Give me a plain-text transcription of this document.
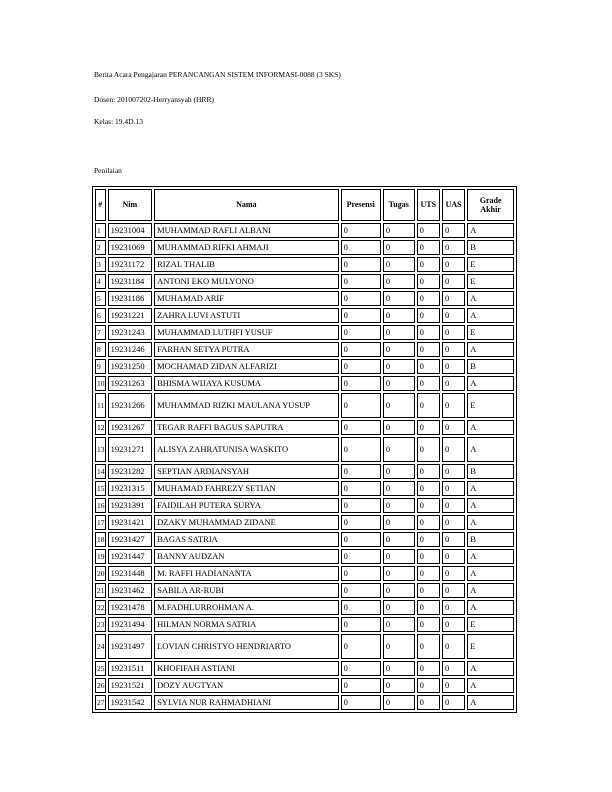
Berita Acara Pengajaran PERANCANGAN SISTEM INFORMASI-0088 (3 SKS)
Dosen: 201007202-Herryansyah (HRR)
Kelas: 19.4D.13
Penilaian
#	Nim	Nama	Presensi	Tugas	UTS	UAS	Grade Akhir
1	19231004	MUHAMMAD RAFLI ALBANI	0	0	0	0	A
2	19231069	MUHAMMAD RIFKI AHMAJI	0	0	0	0	B
3	19231172	RIZAL THALIB	0	0	0	0	E
4	19231184	ANTONI EKO MULYONO	0	0	0	0	E
5	19231186	MUHAMAD ARIF	0	0	0	0	A
6	19231221	ZAHRA LUVI ASTUTI	0	0	0	0	A
7	19231243	MUHAMMAD LUTHFI YUSUF	0	0	0	0	E
8	19231246	FARHAN SETYA PUTRA	0	0	0	0	A
9	19231250	MOCHAMAD ZIDAN ALFARIZI	0	0	0	0	B
10	19231263	BHISMA WIJAYA KUSUMA	0	0	0	0	A
11	19231266	MUHAMMAD RIZKI MAULANA YUSUP	0	0	0	0	E
12	19231267	TEGAR RAFFI BAGUS SAPUTRA	0	0	0	0	A
13	19231271	ALISYA ZAHRATUNISA WASKITO	0	0	0	0	A
14	19231282	SEPTIAN ARDIANSYAH	0	0	0	0	B
15	19231315	MUHAMAD FAHREZY SETIAN	0	0	0	0	A
16	19231391	FAIDILAH PUTERA SURYA	0	0	0	0	A
17	19231421	DZAKY MUHAMMAD ZIDANE	0	0	0	0	A
18	19231427	BAGAS SATRIA	0	0	0	0	B
19	19231447	BANNY AUDZAN	0	0	0	0	A
20	19231448	M. RAFFI HADIANANTA	0	0	0	0	A
21	19231462	SABILA AR-RUBI	0	0	0	0	A
22	19231478	M.FADHLURROHMAN A.	0	0	0	0	A
23	19231494	HILMAN NORMA SATRIA	0	0	0	0	E
24	19231497	LOVIAN CHRISTYO HENDRIARTO	0	0	0	0	E
25	19231511	KHOFIFAH ASTIANI	0	0	0	0	A
26	19231521	DOZY AUGTYAN	0	0	0	0	A
27	19231542	SYLVIA NUR RAHMADHIANI	0	0	0	0	A
